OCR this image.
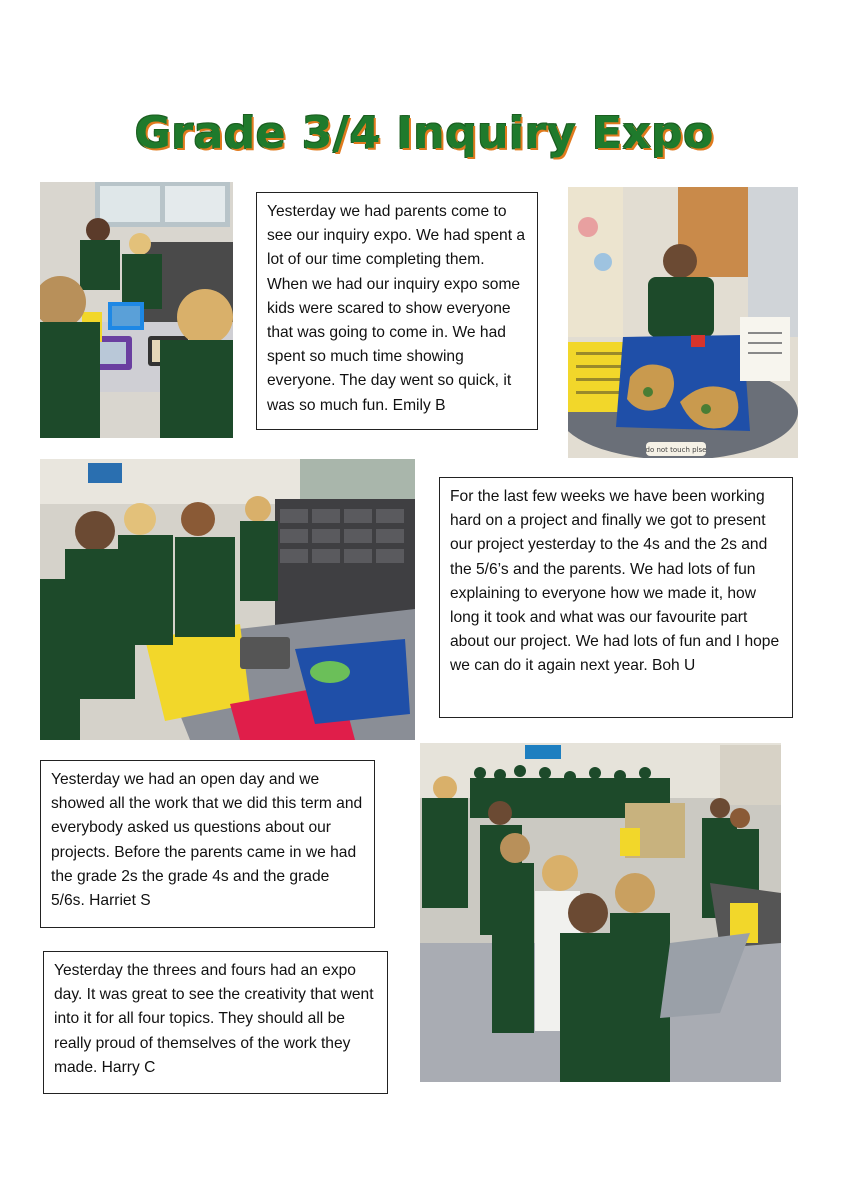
Grade 3/4 Inquiry Expo
Yesterday we had parents come to see our inquiry expo. We had spent a lot of our time completing them. When we had our inquiry expo some kids were scared to show everyone that was going to come in. We had spent so much time showing everyone. The day went so quick, it was so much fun. Emily B
do not touch plse
For the last few weeks we have been working hard on a project and finally we got to present our project yesterday to the 4s and the 2s and the 5/6’s and the parents. We had lots of fun explaining to everyone how we made it, how long it took and what was our favourite part about our project. We had lots of fun and I hope we can do it again next year. Boh U
Yesterday we had an open day and we showed all the work that we did this term and everybody asked us questions about our projects. Before the parents came in we had the grade 2s the grade 4s and the grade 5/6s. Harriet S
Yesterday the threes and fours had an expo day. It was great to see the creativity that went into it for all four topics. They should all be really proud of themselves of the work they made. Harry C
